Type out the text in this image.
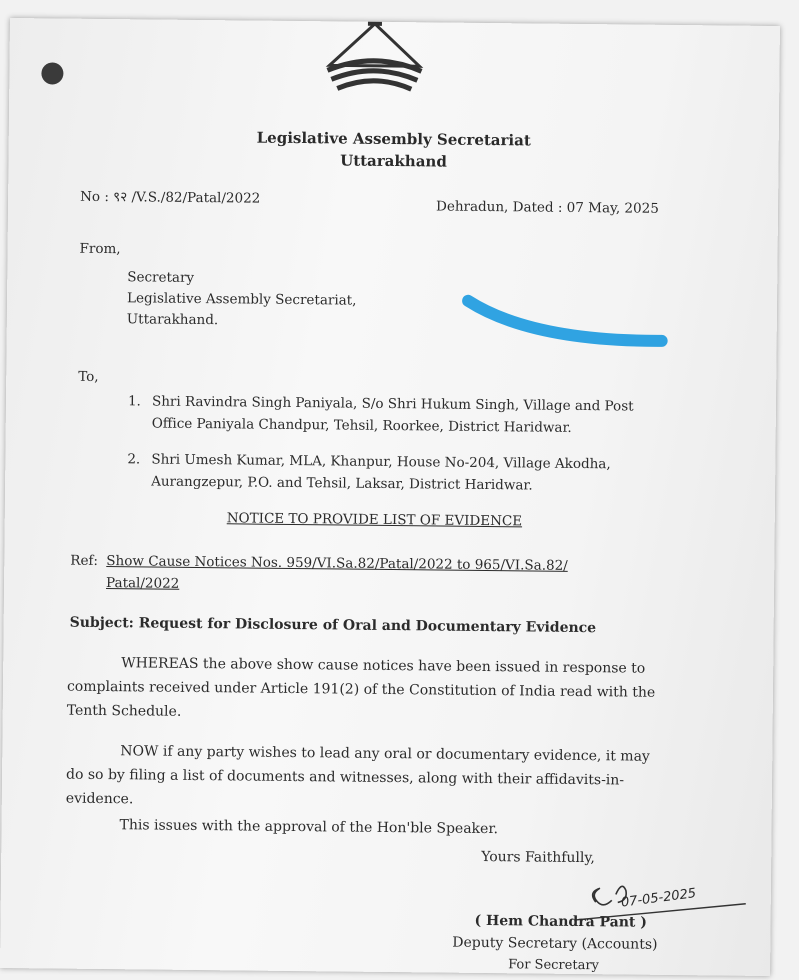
Legislative Assembly Secretariat
Uttarakhand
No : ९२ /V.S./82/Patal/2022
Dehradun, Dated : 07 May, 2025
From,
Secretary
Legislative Assembly Secretariat,
Uttarakhand.
To,
1. Shri Ravindra Singh Paniyala, S/o Shri Hukum Singh, Village and Post
Office Paniyala Chandpur, Tehsil, Roorkee, District Haridwar.
2. Shri Umesh Kumar, MLA, Khanpur, House No-204, Village Akodha,
Aurangzepur, P.O. and Tehsil, Laksar, District Haridwar.
NOTICE TO PROVIDE LIST OF EVIDENCE
Ref: Show Cause Notices Nos. 959/VI.Sa.82/Patal/2022 to 965/VI.Sa.82/
Patal/2022
Subject: Request for Disclosure of Oral and Documentary Evidence
WHEREAS the above show cause notices have been issued in response to
complaints received under Article 191(2) of the Constitution of India read with the
Tenth Schedule.
NOW if any party wishes to lead any oral or documentary evidence, it may
do so by filing a list of documents and witnesses, along with their affidavits-in-
evidence.
This issues with the approval of the Hon'ble Speaker.
Yours Faithfully,
07-05-2025
( Hem Chandra Pant )
Deputy Secretary (Accounts)
For Secretary
